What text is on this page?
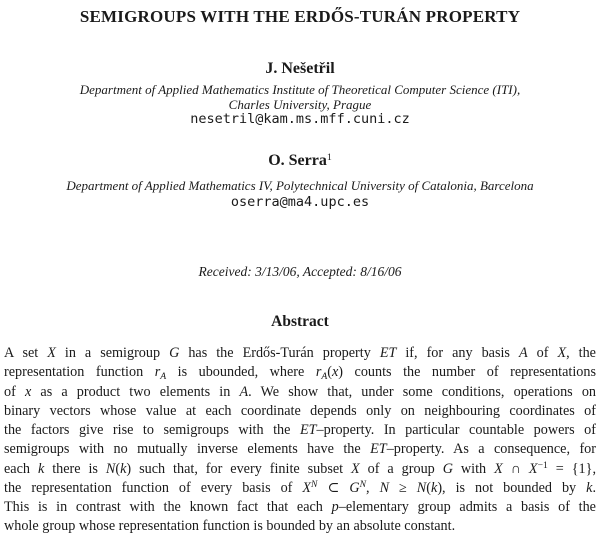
SEMIGROUPS WITH THE ERDŐS-TURÁN PROPERTY
J. Nešetřil
Department of Applied Mathematics Institute of Theoretical Computer Science (ITI),
Charles University, Prague
nesetril@kam.ms.mff.cuni.cz
O. Serra$^1$
Department of Applied Mathematics IV, Polytechnical University of Catalonia, Barcelona
oserra@ma4.upc.es
Received: 3/13/06, Accepted: 8/16/06
Abstract
A set X in a semigroup G has the Erdős-Turán property ET if, for any basis A of X, the
representation function $r_A$ is ubounded, where $r_A(x)$ counts the number of representations
of x as a product two elements in A. We show that, under some conditions, operations on
binary vectors whose value at each coordinate depends only on neighbouring coordinates of
the factors give rise to semigroups with the ET–property. In particular countable powers of
semigroups with no mutually inverse elements have the ET–property. As a consequence, for
each k there is N(k) such that, for every finite subset X of a group G with X ∩ $X^{-1} = \{1\}$,
the representation function of every basis of $X^N$ ⊂ $G^N$, N ≥ N(k), is not bounded by k.
This is in contrast with the known fact that each p–elementary group admits a basis of the
whole group whose representation function is bounded by an absolute constant.
